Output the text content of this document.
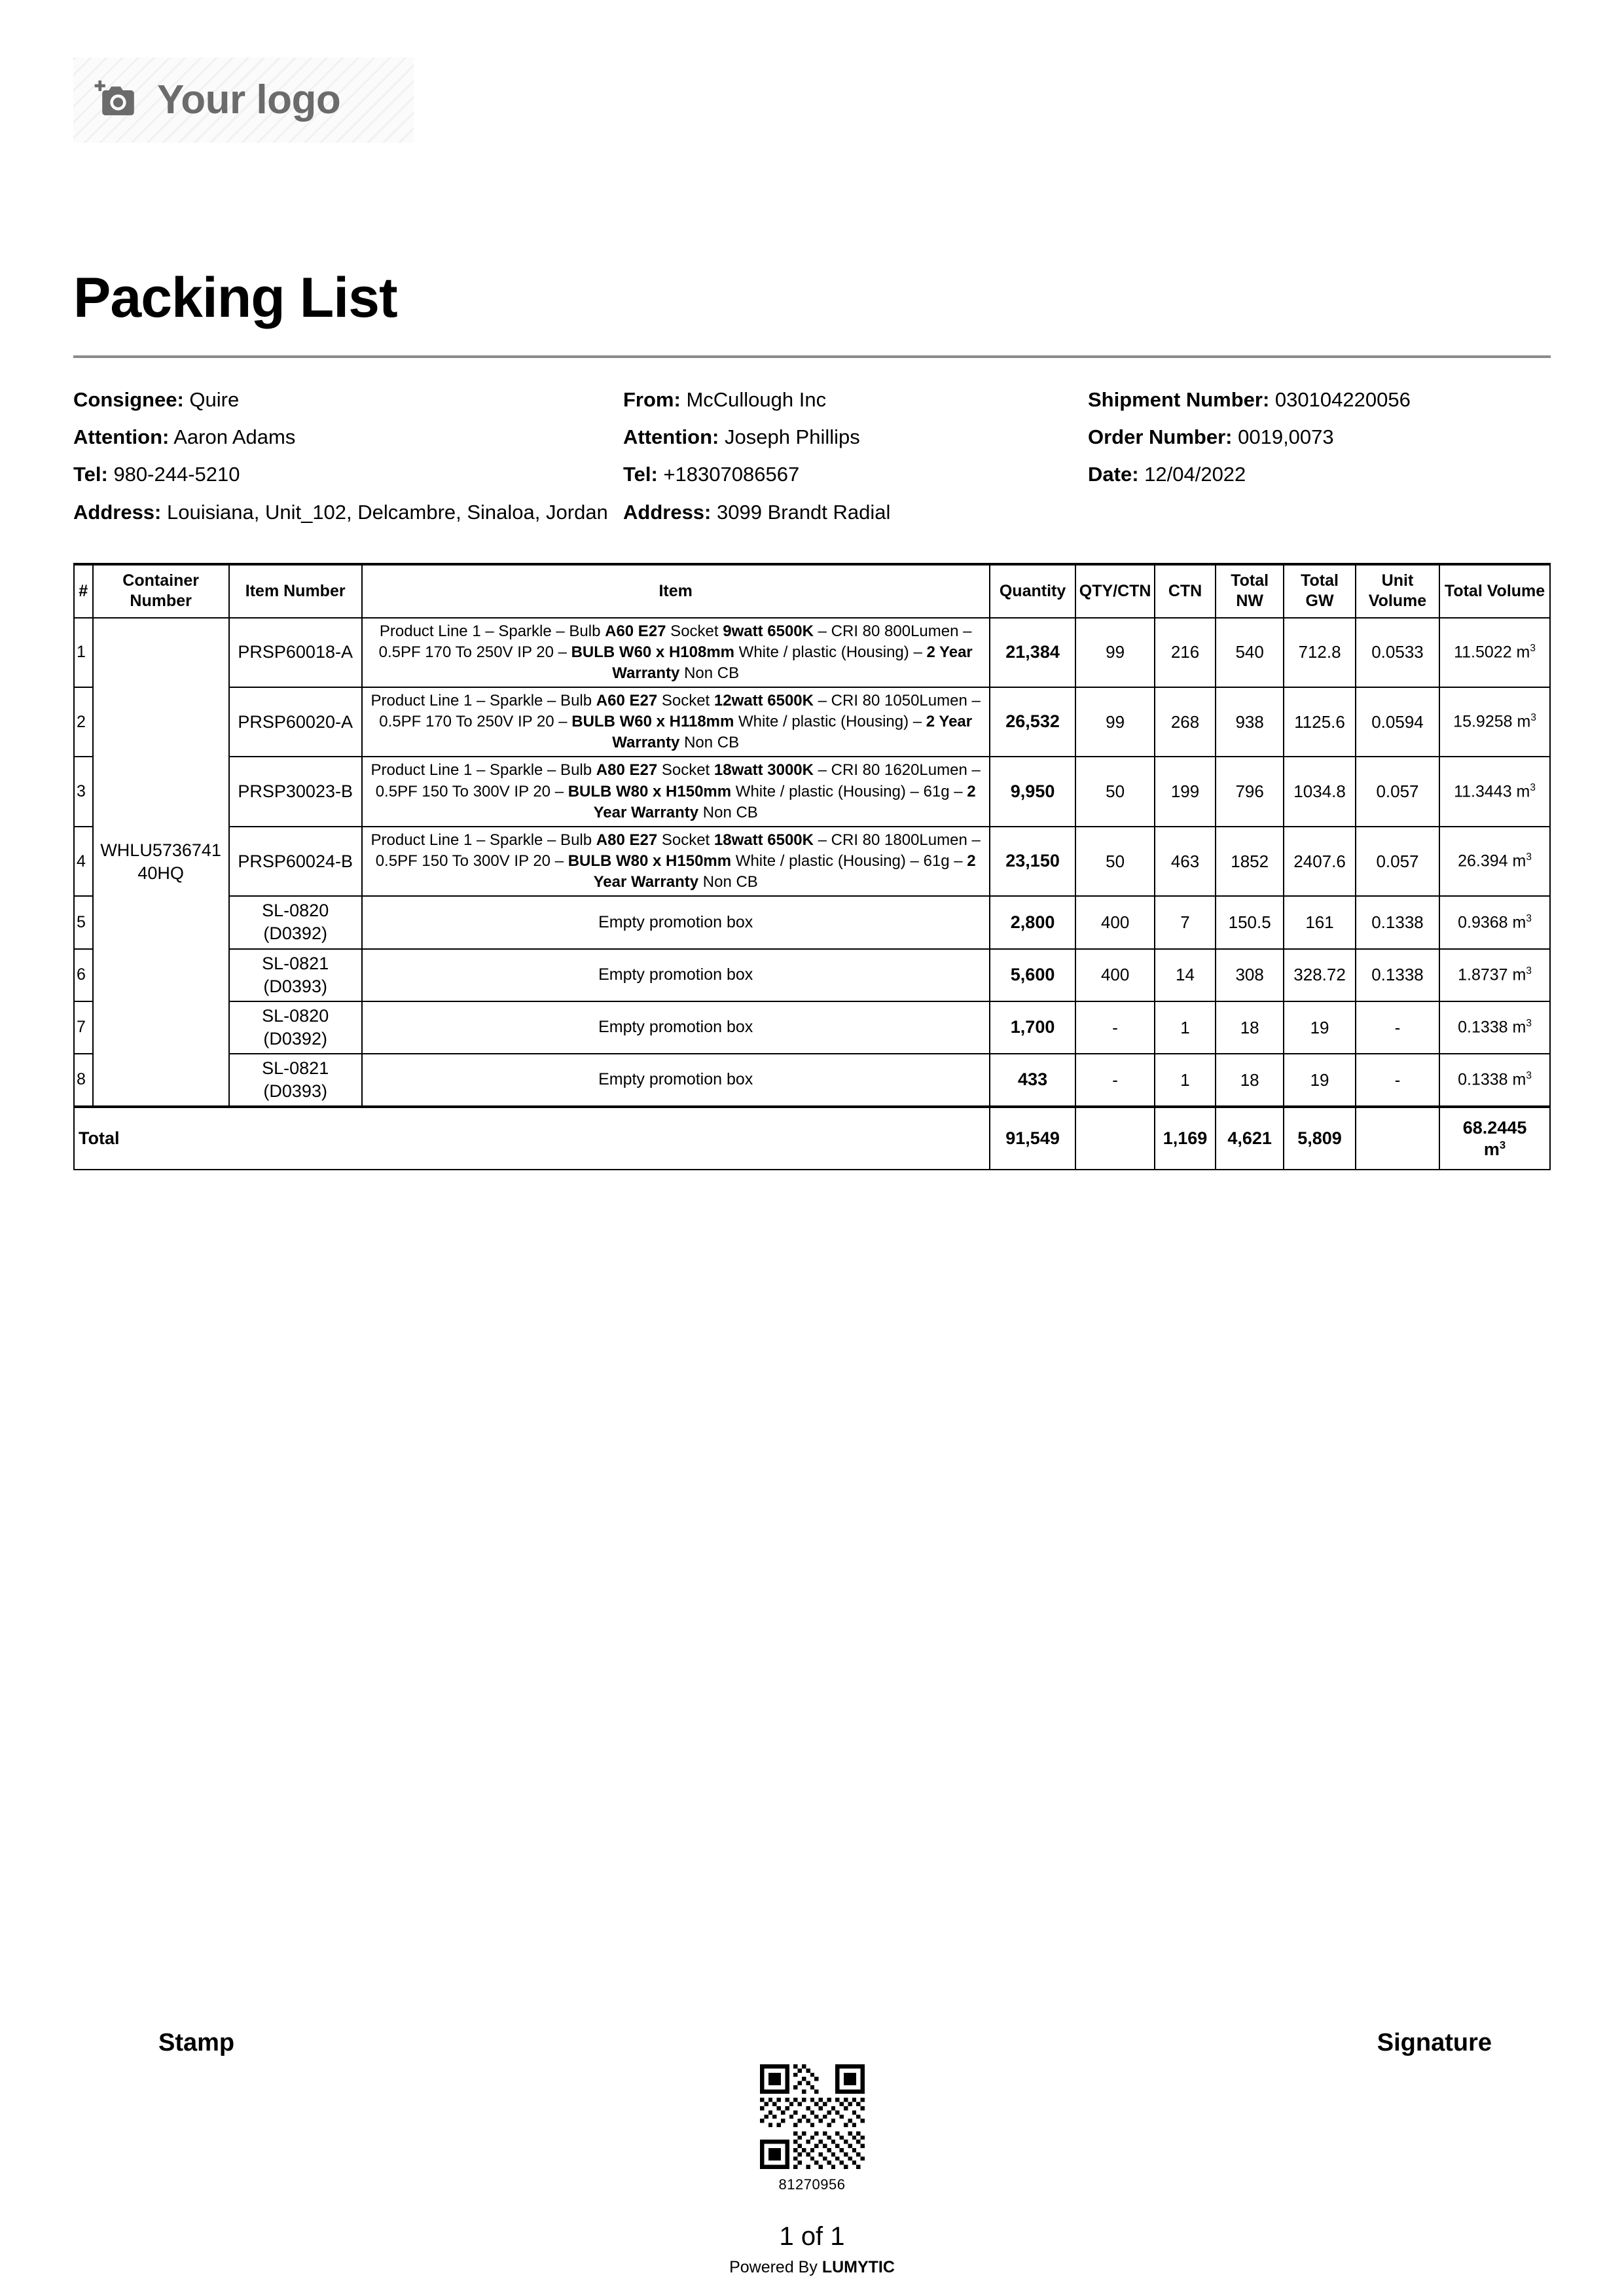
Your logo
Packing List
Consignee: Quire	From: McCullough Inc	Shipment Number: 030104220056
Attention: Aaron Adams	Attention: Joseph Phillips	Order Number: 0019,0073
Tel: 980-244-5210	Tel: +18307086567	Date: 12/04/2022
Address: Louisiana, Unit_102, Delcambre, Sinaloa, Jordan Address: 3099 Brandt Radial
#	Container Number	Item Number	Item	Quantity	QTY/CTN	CTN	Total NW	Total GW	Unit Volume	Total Volume
1	WHLU5736741 40HQ	PRSP60018-A	Product Line 1 – Sparkle – Bulb A60 E27 Socket 9watt 6500K – CRI 80 800Lumen – 0.5PF 170 To 250V IP 20 – BULB W60 x H108mm White / plastic (Housing) – 2 Year Warranty Non CB	21,384	99	216	540	712.8	0.0533	11.5022 $m^3$
2		PRSP60020-A	Product Line 1 – Sparkle – Bulb A60 E27 Socket 12watt 6500K – CRI 80 1050Lumen – 0.5PF 170 To 250V IP 20 – BULB W60 x H118mm White / plastic (Housing) – 2 Year Warranty Non CB	26,532	99	268	938	1125.6	0.0594	15.9258 $m^3$
3		PRSP30023-B	Product Line 1 – Sparkle – Bulb A80 E27 Socket 18watt 3000K – CRI 80 1620Lumen – 0.5PF 150 To 300V IP 20 – BULB W80 x H150mm White / plastic (Housing) – 61g – 2 Year Warranty Non CB	9,950	50	199	796	1034.8	0.057	11.3443 $m^3$
4		PRSP60024-B	Product Line 1 – Sparkle – Bulb A80 E27 Socket 18watt 6500K – CRI 80 1800Lumen – 0.5PF 150 To 300V IP 20 – BULB W80 x H150mm White / plastic (Housing) – 61g – 2 Year Warranty Non CB	23,150	50	463	1852	2407.6	0.057	26.394 $m^3$
5		SL-0820
(D0392)	Empty promotion box	2,800	400	7	150.5	161	0.1338	0.9368 $m^3$
6		SL-0821
(D0393)	Empty promotion box	5,600	400	14	308	328.72	0.1338	1.8737 $m^3$
7		SL-0820
(D0392)	Empty promotion box	1,700	-	1	18	19	-	0.1338 $m^3$
8		SL-0821
(D0393)	Empty promotion box	433	-	1	18	19	-	0.1338 $m^3$
Total				91,549		1,169	4,621	5,809		68.2445
$m^3$
Stamp	Signature
81270956
1 of 1
Powered By LUMYTIC
